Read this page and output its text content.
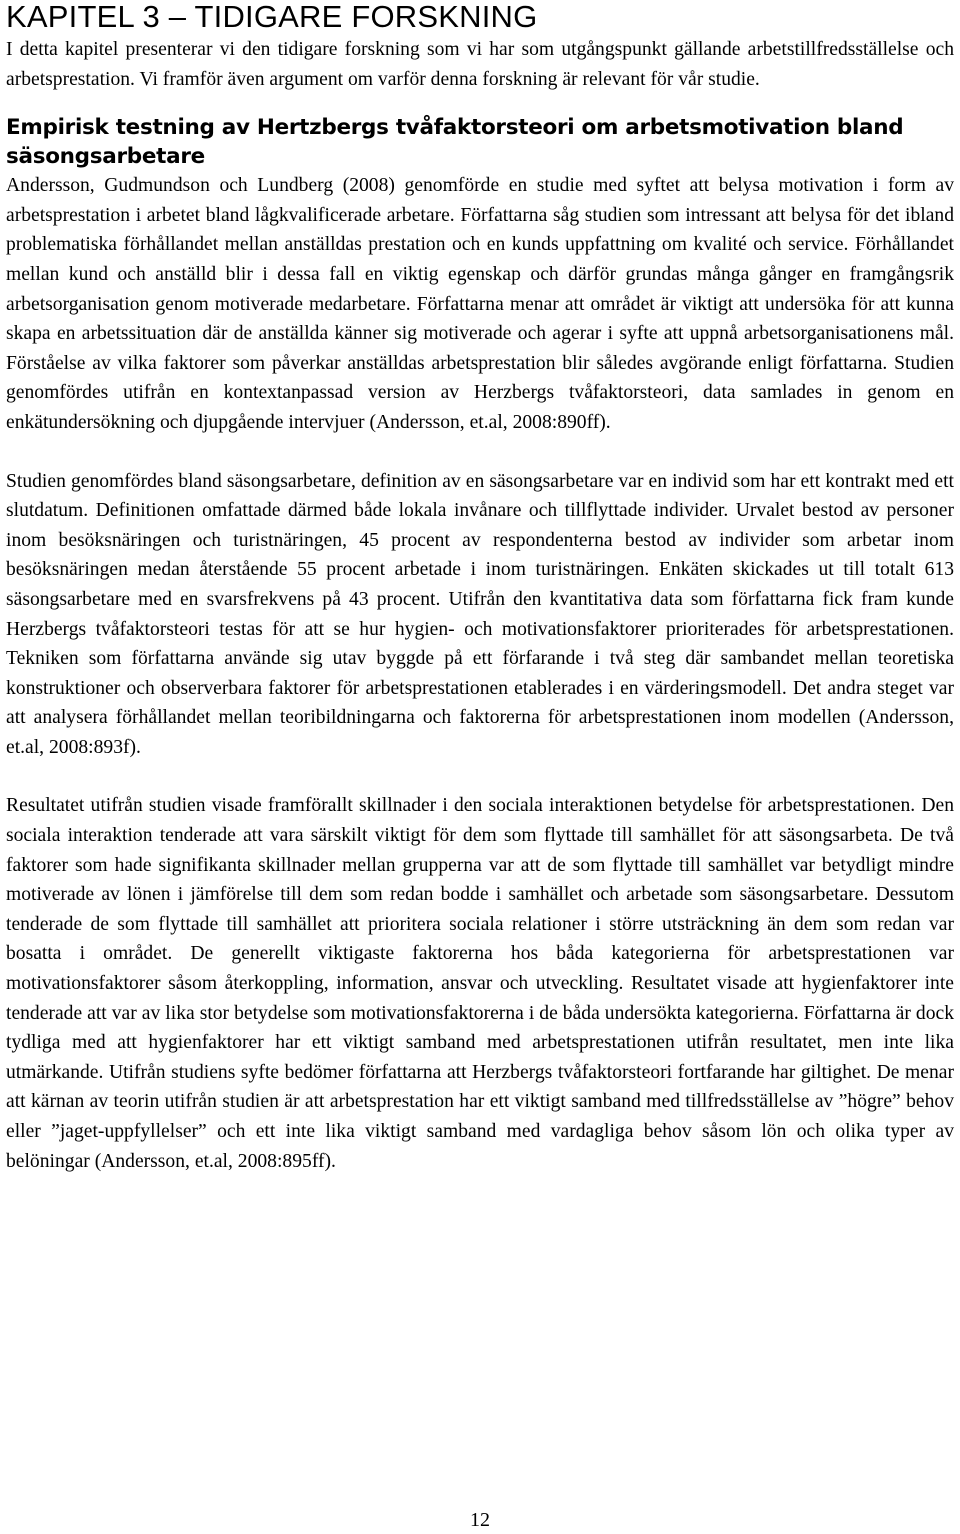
KAPITEL 3 – TIDIGARE FORSKNING

I detta kapitel presenterar vi den tidigare forskning som vi har som utgångspunkt gällande arbetstillfredsställelse och arbetsprestation. Vi framför även argument om varför denna forskning är relevant för vår studie.

Empirisk testning av Hertzbergs tvåfaktorsteori om arbetsmotivation bland säsongsarbetare

Andersson, Gudmundson och Lundberg (2008) genomförde en studie med syftet att belysa motivation i form av arbetsprestation i arbetet bland lågkvalificerade arbetare. Författarna såg studien som intressant att belysa för det ibland problematiska förhållandet mellan anställdas prestation och en kunds uppfattning om kvalité och service. Förhållandet mellan kund och anställd blir i dessa fall en viktig egenskap och därför grundas många gånger en framgångsrik arbetsorganisation genom motiverade medarbetare. Författarna menar att området är viktigt att undersöka för att kunna skapa en arbetssituation där de anställda känner sig motiverade och agerar i syfte att uppnå arbetsorganisationens mål. Förståelse av vilka faktorer som påverkar anställdas arbetsprestation blir således avgörande enligt författarna. Studien genomfördes utifrån en kontextanpassad version av Herzbergs tvåfaktorsteori, data samlades in genom en enkätundersökning och djupgående intervjuer (Andersson, et.al, 2008:890ff).

Studien genomfördes bland säsongsarbetare, definition av en säsongsarbetare var en individ som har ett kontrakt med ett slutdatum. Definitionen omfattade därmed både lokala invånare och tillflyttade individer. Urvalet bestod av personer inom besöksnäringen och turistnäringen, 45 procent av respondenterna bestod av individer som arbetar inom besöksnäringen medan återstående 55 procent arbetade i inom turistnäringen. Enkäten skickades ut till totalt 613 säsongsarbetare med en svarsfrekvens på 43 procent. Utifrån den kvantitativa data som författarna fick fram kunde Herzbergs tvåfaktorsteori testas för att se hur hygien- och motivationsfaktorer prioriterades för arbetsprestationen. Tekniken som författarna använde sig utav byggde på ett förfarande i två steg där sambandet mellan teoretiska konstruktioner och observerbara faktorer för arbetsprestationen etablerades i en värderingsmodell. Det andra steget var att analysera förhållandet mellan teoribildningarna och faktorerna för arbetsprestationen inom modellen (Andersson, et.al, 2008:893f).

Resultatet utifrån studien visade framförallt skillnader i den sociala interaktionen betydelse för arbetsprestationen. Den sociala interaktion tenderade att vara särskilt viktigt för dem som flyttade till samhället för att säsongsarbeta. De två faktorer som hade signifikanta skillnader mellan grupperna var att de som flyttade till samhället var betydligt mindre motiverade av lönen i jämförelse till dem som redan bodde i samhället och arbetade som säsongsarbetare. Dessutom tenderade de som flyttade till samhället att prioritera sociala relationer i större utsträckning än dem som redan var bosatta i området. De generellt viktigaste faktorerna hos båda kategorierna för arbetsprestationen var motivationsfaktorer såsom återkoppling, information, ansvar och utveckling. Resultatet visade att hygienfaktorer inte tenderade att var av lika stor betydelse som motivationsfaktorerna i de båda undersökta kategorierna. Författarna är dock tydliga med att hygienfaktorer har ett viktigt samband med arbetsprestationen utifrån resultatet, men inte lika utmärkande. Utifrån studiens syfte bedömer författarna att Herzbergs tvåfaktorsteori fortfarande har giltighet. De menar att kärnan av teorin utifrån studien är att arbetsprestation har ett viktigt samband med tillfredsställelse av ”högre” behov eller ”jaget-uppfyllelser” och ett inte lika viktigt samband med vardagliga behov såsom lön och olika typer av belöningar (Andersson, et.al, 2008:895ff).

12
